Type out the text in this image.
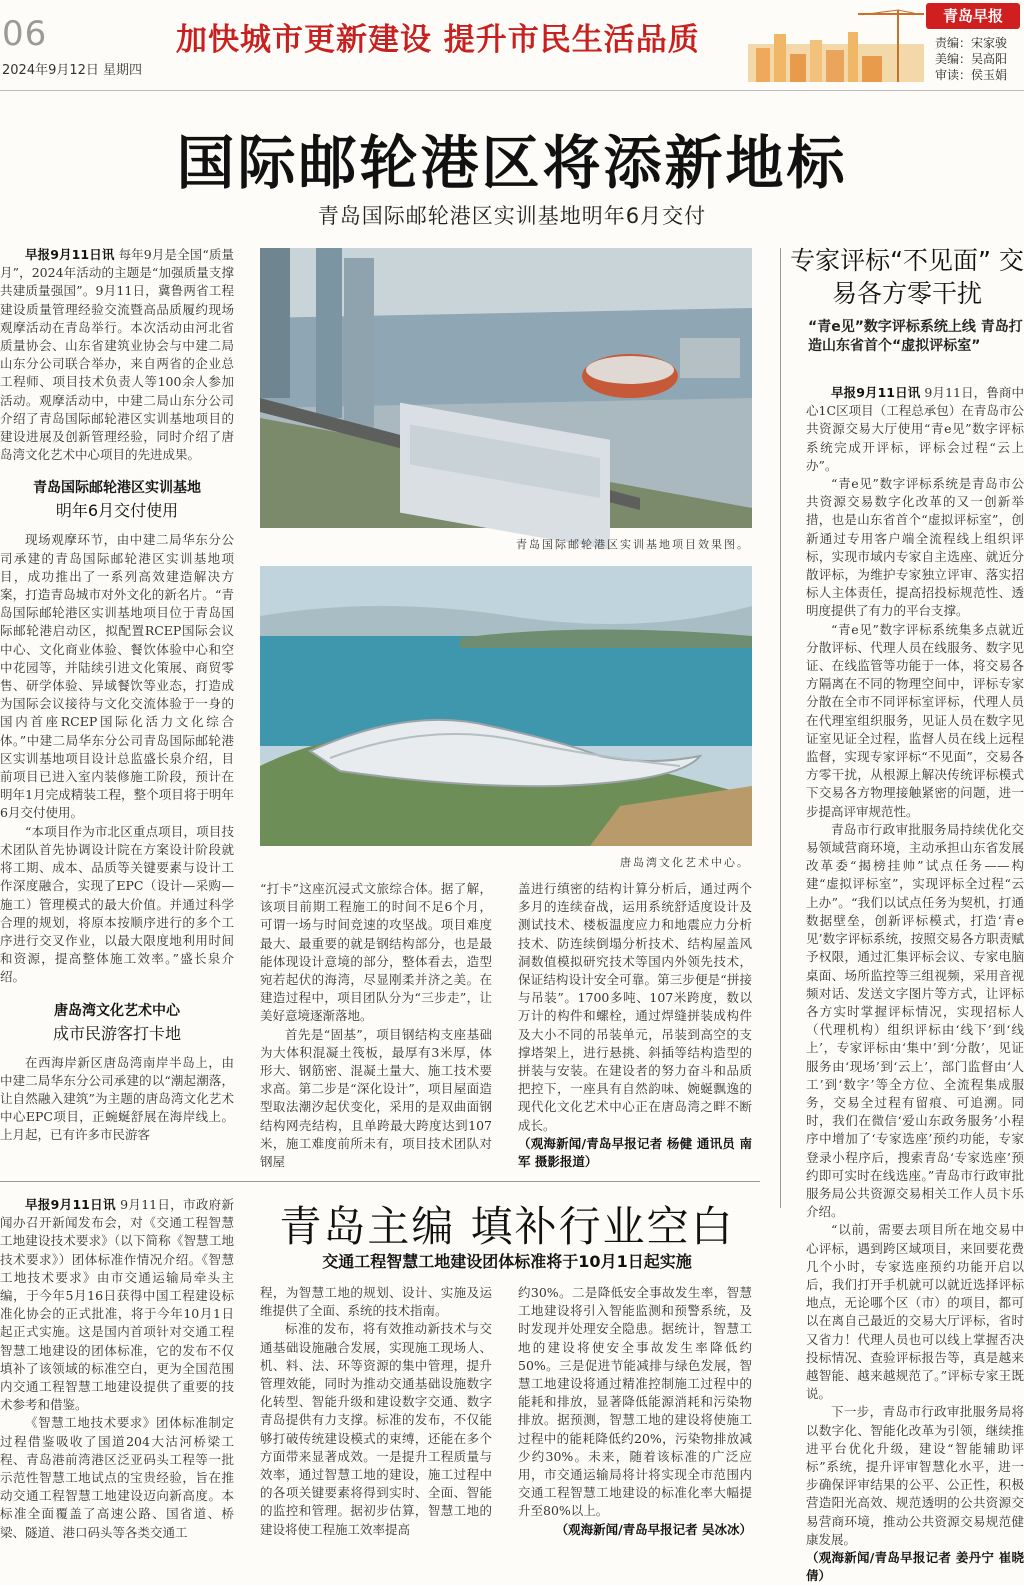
06
2024年9月12日 星期四
加快城市更新建设 提升市民生活品质
青岛早报
责编：宋家骏
美编：吴高阳
审读：侯玉娟
国际邮轮港区将添新地标
青岛国际邮轮港区实训基地明年6月交付

早报9月11日讯 每年9月是全国“质量月”，2024年活动的主题是“加强质量支撑 共建质量强国”。9月11日，冀鲁两省工程建设质量管理经验交流暨高品质履约现场观摩活动在青岛举行。本次活动由河北省质量协会、山东省建筑业协会与中建二局山东分公司联合举办，来自两省的企业总工程师、项目技术负责人等100余人参加活动。观摩活动中，中建二局山东分公司介绍了青岛国际邮轮港区实训基地项目的建设进展及创新管理经验，同时介绍了唐岛湾文化艺术中心项目的先进成果。

青岛国际邮轮港区实训基地
明年6月交付使用

现场观摩环节，由中建二局华东分公司承建的青岛国际邮轮港区实训基地项目，成功推出了一系列高效建造解决方案，打造青岛城市对外文化的新名片。“青岛国际邮轮港区实训基地项目位于青岛国际邮轮港启动区，拟配置RCEP国际会议中心、文化商业体验、餐饮体验中心和空中花园等，并陆续引进文化策展、商贸零售、研学体验、异域餐饮等业态，打造成为国际会议接待与文化交流体验于一身的国内首座RCEP国际化活力文化综合体。”中建二局华东分公司青岛国际邮轮港区实训基地项目设计总监盛长泉介绍，目前项目已进入室内装修施工阶段，预计在明年1月完成精装工程，整个项目将于明年6月交付使用。

“本项目作为市北区重点项目，项目技术团队首先协调设计院在方案设计阶段就将工期、成本、品质等关键要素与设计工作深度融合，实现了EPC（设计—采购—施工）管理模式的最大价值。并通过科学合理的规划，将原本按顺序进行的多个工序进行交叉作业，以最大限度地利用时间和资源，提高整体施工效率。”盛长泉介绍。

唐岛湾文化艺术中心
成市民游客打卡地

在西海岸新区唐岛湾南岸半岛上，由中建二局华东分公司承建的以“潮起潮落，让自然融入建筑”为主题的唐岛湾文化艺术中心EPC项目，正蜿蜒舒展在海岸线上。上月起，已有许多市民游客

青岛国际邮轮港区实训基地项目效果图。
唐岛湾文化艺术中心。

“打卡”这座沉浸式文旅综合体。据了解，该项目前期工程施工的时间不足6个月，可谓一场与时间竞速的攻坚战。项目难度最大、最重要的就是钢结构部分，也是最能体现设计意境的部分，整体看去，造型宛若起伏的海湾，尽显刚柔并济之美。在建造过程中，项目团队分为“三步走”，让美好意境逐渐落地。

首先是“固基”，项目钢结构支座基础为大体积混凝土筏板，最厚有3米厚，体形大、钢筋密、混凝土量大、施工技术要求高。第二步是“深化设计”，项目屋面造型取法潮汐起伏变化，采用的是双曲面钢结构网壳结构，且单跨最大跨度达到107米，施工难度前所未有，项目技术团队对钢屋

盖进行缜密的结构计算分析后，通过两个多月的连续奋战，运用系统舒适度设计及测试技术、楼板温度应力和地震应力分析技术、防连续倒塌分析技术、结构屋盖风洞数值模拟研究技术等国内外领先技术，保证结构设计安全可靠。第三步便是“拼接与吊装”。1700多吨、107米跨度，数以万计的构件和螺栓，通过焊缝拼装成构件及大小不同的吊装单元，吊装到高空的支撑塔架上，进行悬挑、斜插等结构造型的拼装与安装。在建设者的努力奋斗和品质把控下，一座具有自然韵味、婉蜒飘逸的现代化文化艺术中心正在唐岛湾之畔不断成长。

（观海新闻/青岛早报记者 杨健 通讯员 南军 摄影报道）
专家评标“不见面” 交易各方零干扰
“青e见”数字评标系统上线 青岛打造山东省首个“虚拟评标室”

早报9月11日讯 9月11日，鲁商中心1C区项目（工程总承包）在青岛市公共资源交易大厅使用“青e见”数字评标系统完成开评标，评标会过程“云上办”。

“青e见”数字评标系统是青岛市公共资源交易数字化改革的又一创新举措，也是山东省首个“虚拟评标室”，创新通过专用客户端全流程线上组织评标，实现市域内专家自主选座、就近分散评标，为维护专家独立评审、落实招标人主体责任，提高招投标规范性、透明度提供了有力的平台支撑。

“青e见”数字评标系统集多点就近分散评标、代理人员在线服务、数字见证、在线监管等功能于一体，将交易各方隔离在不同的物理空间中，评标专家分散在全市不同评标室评标，代理人员在代理室组织服务，见证人员在数字见证室见证全过程，监督人员在线上远程监督，实现专家评标“不见面”，交易各方零干扰，从根源上解决传统评标模式下交易各方物理接触紧密的问题，进一步提高评审规范性。

青岛市行政审批服务局持续优化交易领域营商环境，主动承担山东省发展改革委“揭榜挂帅”试点任务——构建“虚拟评标室”，实现评标全过程“云上办”。“我们以试点任务为契机，打通数据壁垒，创新评标模式，打造‘青e见’数字评标系统，按照交易各方职责赋予权限，通过汇集评标会议、专家电脑桌面、场所监控等三组视频，采用音视频对话、发送文字图片等方式，让评标各方实时掌握评标情况，实现招标人（代理机构）组织评标由‘线下’到‘线上’，专家评标由‘集中’到‘分散’，见证服务由‘现场’到‘云上’，部门监督由‘人工’到‘数字’等全方位、全流程集成服务，交易全过程有留痕、可追溯。同时，我们在微信‘爱山东政务服务’小程序中增加了‘专家选座’预约功能，专家登录小程序后，搜索青岛‘专家选座’预约即可实时在线选座。”青岛市行政审批服务局公共资源交易相关工作人员卞乐介绍。

“以前，需要去项目所在地交易中心评标，遇到跨区域项目，来回要花费几个小时，专家选座预约功能开启以后，我们打开手机就可以就近选择评标地点，无论哪个区（市）的项目，都可以在离自己最近的交易大厅评标，省时又省力！代理人员也可以线上掌握否决投标情况、查验评标报告等，真是越来越智能、越来越规范了。”评标专家王既说。

下一步，青岛市行政审批服务局将以数字化、智能化改革为引领，继续推进平台优化升级，建设“智能辅助评标”系统，提升评审智慧化水平，进一步确保评审结果的公平、公正性，积极营造阳光高效、规范透明的公共资源交易营商环境，推动公共资源交易规范健康发展。

（观海新闻/青岛早报记者 姜丹宁 崔晓倩）
青岛主编 填补行业空白
交通工程智慧工地建设团体标准将于10月1日起实施

早报9月11日讯 9月11日，市政府新闻办召开新闻发布会，对《交通工程智慧工地建设技术要求》（以下简称《智慧工地技术要求》）团体标准作情况介绍。《智慧工地技术要求》由市交通运输局牵头主编，于今年5月16日获得中国工程建设标准化协会的正式批准，将于今年10月1日起正式实施。这是国内首项针对交通工程智慧工地建设的团体标准，它的发布不仅填补了该领域的标准空白，更为全国范围内交通工程智慧工地建设提供了重要的技术参考和借鉴。

《智慧工地技术要求》团体标准制定过程借鉴吸收了国道204大沽河桥梁工程、青岛港前湾港区泛亚码头工程等一批示范性智慧工地试点的宝贵经验，旨在推动交通工程智慧工地建设迈向新高度。本标准全面覆盖了高速公路、国省道、桥梁、隧道、港口码头等各类交通工

程，为智慧工地的规划、设计、实施及运维提供了全面、系统的技术指南。

标准的发布，将有效推动新技术与交通基础设施融合发展，实现施工现场人、机、料、法、环等资源的集中管理，提升管理效能，同时为推动交通基础设施数字化转型、智能升级和建设数字交通、数字青岛提供有力支撑。标准的发布，不仅能够打破传统建设模式的束缚，还能在多个方面带来显著成效。一是提升工程质量与效率，通过智慧工地的建设，施工过程中的各项关键要素将得到实时、全面、智能的监控和管理。据初步估算，智慧工地的建设将使工程施工效率提高

约30%。二是降低安全事故发生率，智慧工地建设将引入智能监测和预警系统，及时发现并处理安全隐患。据统计，智慧工地的建设将使安全事故发生率降低约50%。三是促进节能减排与绿色发展，智慧工地建设将通过精准控制施工过程中的能耗和排放，显著降低能源消耗和污染物排放。据预测，智慧工地的建设将使施工过程中的能耗降低约20%，污染物排放减少约30%。未来，随着该标准的广泛应用，市交通运输局将计将实现全市范围内交通工程智慧工地建设的标准化率大幅提升至80%以上。

（观海新闻/青岛早报记者 吴冰冰）
